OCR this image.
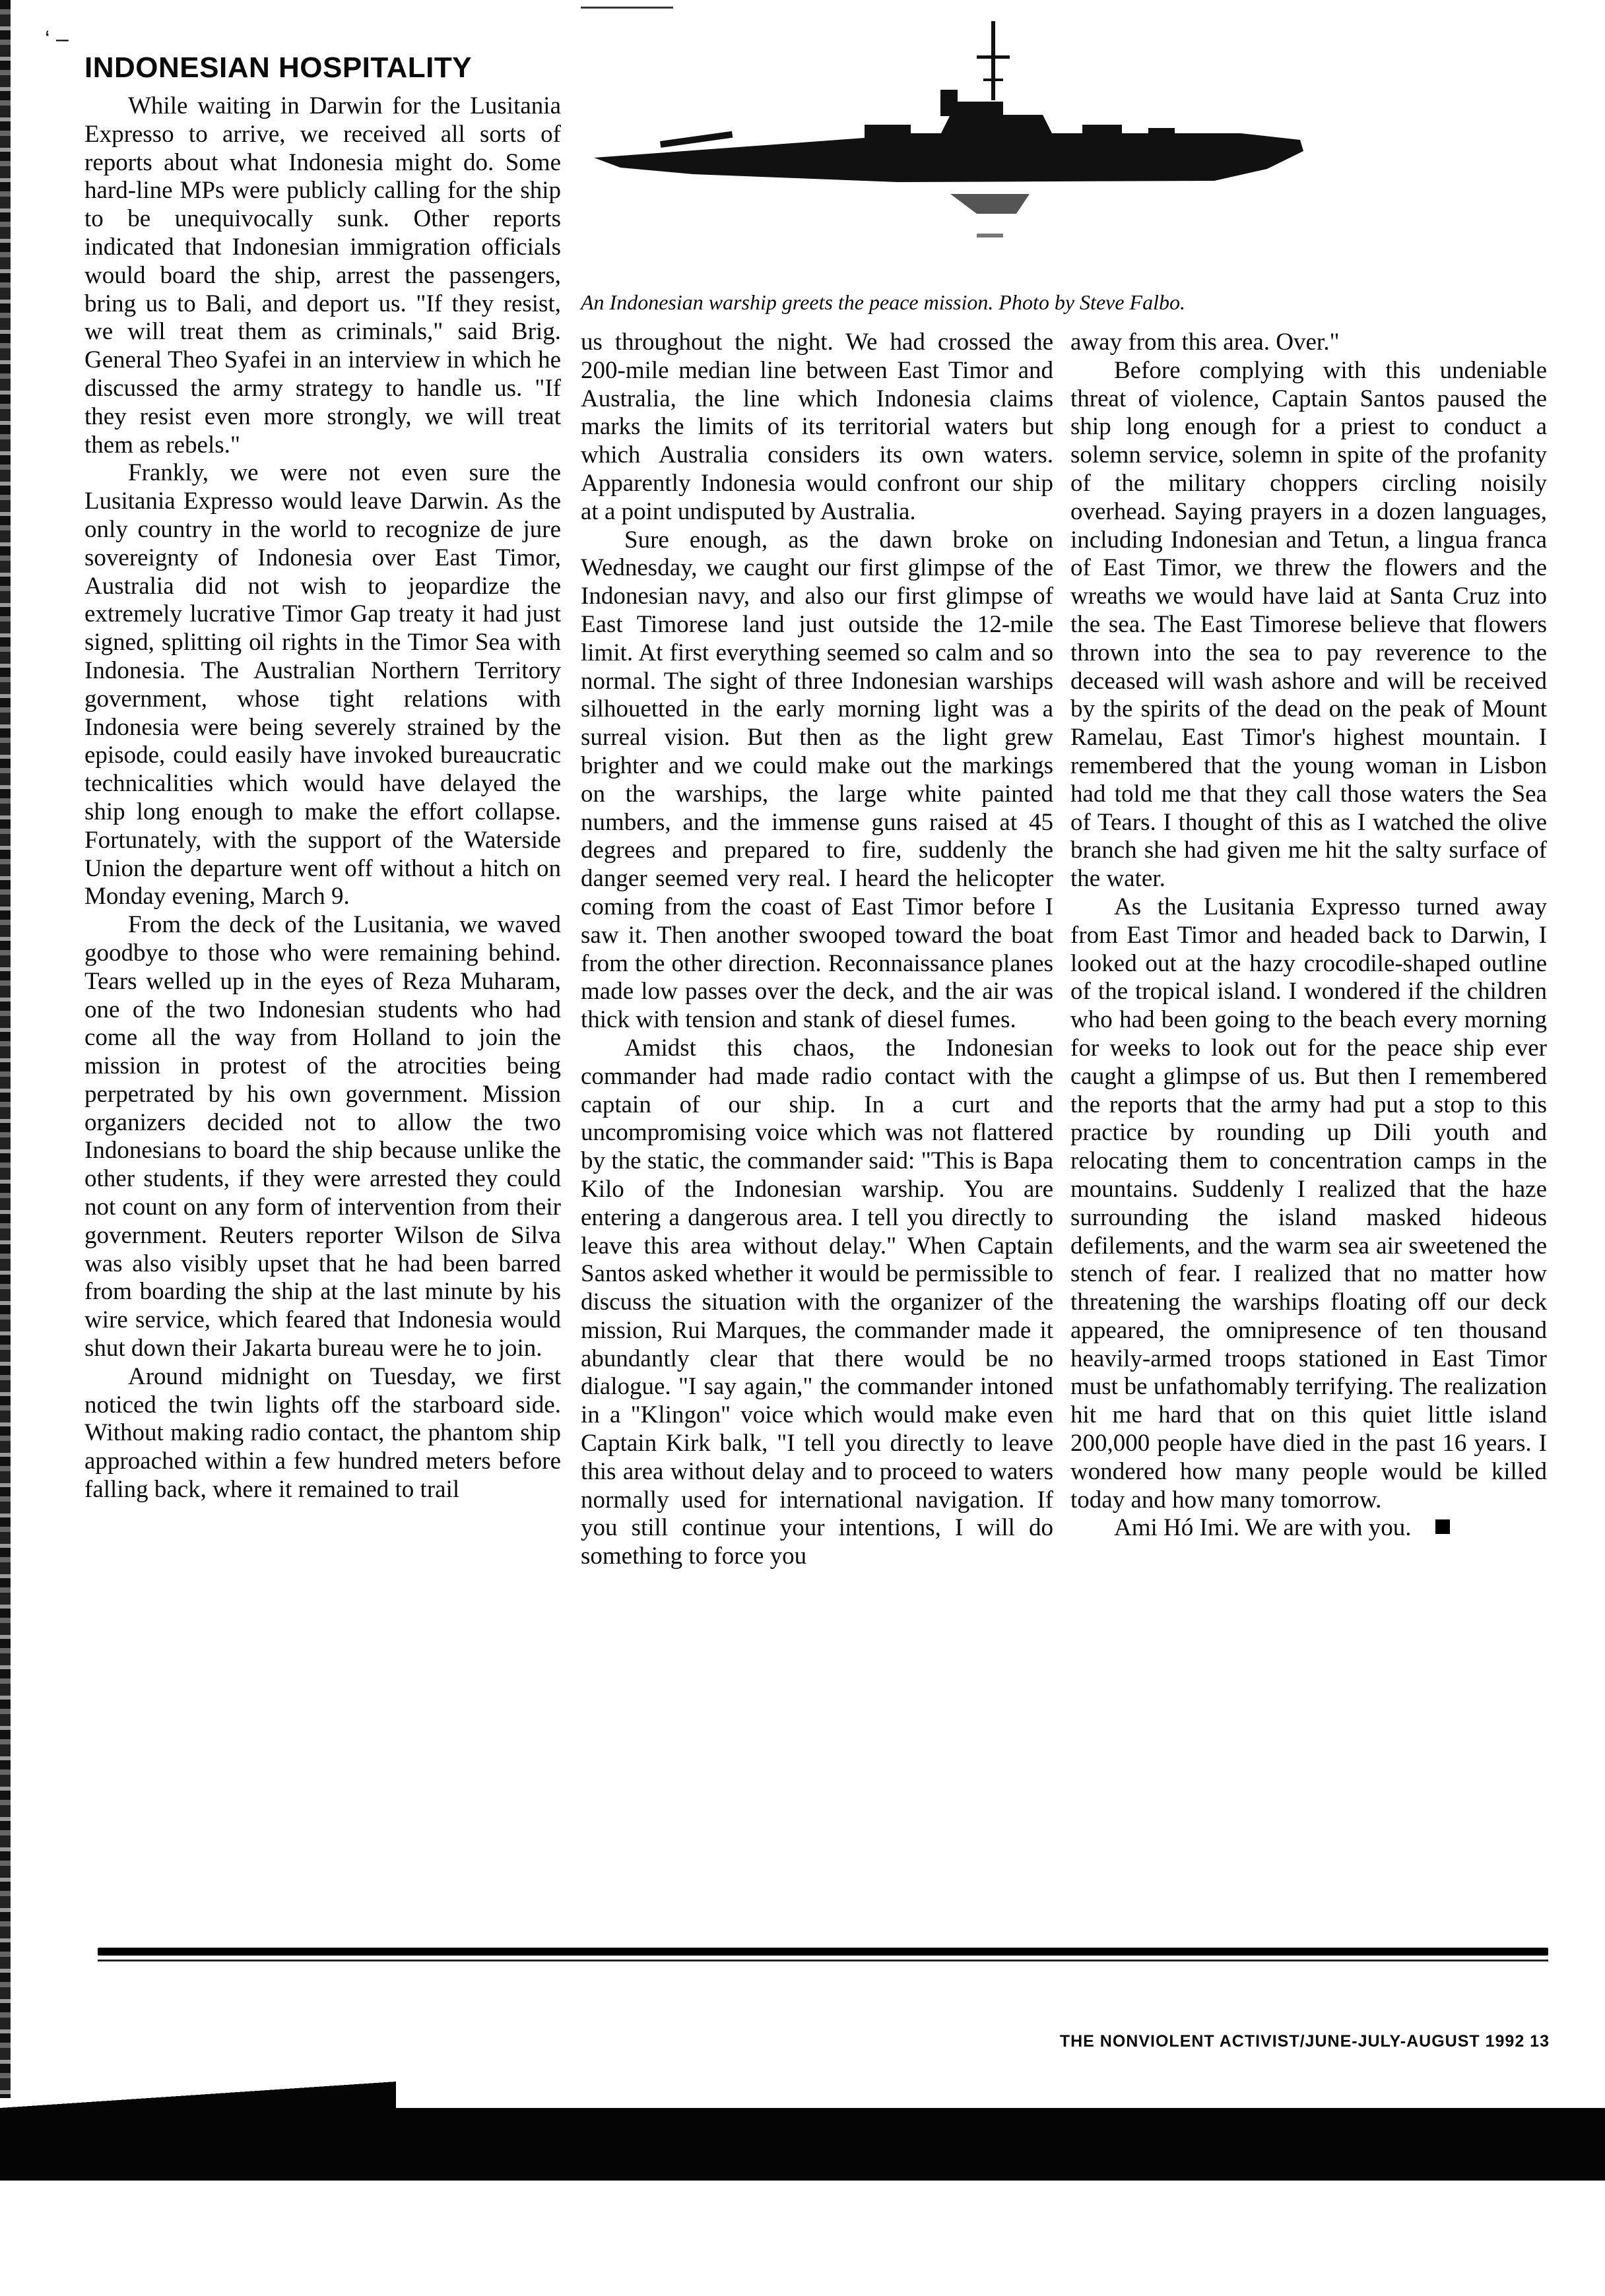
‘ –
INDONESIAN HOSPITALITY

While waiting in Darwin for the Lusitania Expresso to arrive, we received all sorts of reports about what Indonesia might do. Some hard-line MPs were publicly calling for the ship to be unequivocally sunk. Other reports indicated that Indonesian immigration officials would board the ship, arrest the passengers, bring us to Bali, and deport us. "If they resist, we will treat them as criminals," said Brig. General Theo Syafei in an interview in which he discussed the army strategy to handle us. "If they resist even more strongly, we will treat them as rebels."

Frankly, we were not even sure the Lusitania Expresso would leave Darwin. As the only country in the world to recognize de jure sovereignty of Indonesia over East Timor, Australia did not wish to jeopardize the extremely lucrative Timor Gap treaty it had just signed, splitting oil rights in the Timor Sea with Indonesia. The Australian Northern Territory government, whose tight relations with Indonesia were being severely strained by the episode, could easily have invoked bureaucratic technicalities which would have delayed the ship long enough to make the effort collapse. Fortunately, with the support of the Waterside Union the departure went off without a hitch on Monday evening, March 9.

From the deck of the Lusitania, we waved goodbye to those who were remaining behind. Tears welled up in the eyes of Reza Muharam, one of the two Indonesian students who had come all the way from Holland to join the mission in protest of the atrocities being perpetrated by his own government. Mission organizers decided not to allow the two Indonesians to board the ship because unlike the other students, if they were arrested they could not count on any form of intervention from their government. Reuters reporter Wilson de Silva was also visibly upset that he had been barred from boarding the ship at the last minute by his wire service, which feared that Indonesia would shut down their Jakarta bureau were he to join.

Around midnight on Tuesday, we first noticed the twin lights off the starboard side. Without making radio contact, the phantom ship approached within a few hundred meters before falling back, where it remained to trail

An Indonesian warship greets the peace mission. Photo by Steve Falbo.

us throughout the night. We had crossed the 200-mile median line between East Timor and Australia, the line which Indonesia claims marks the limits of its territorial waters but which Australia considers its own waters. Apparently Indonesia would confront our ship at a point undisputed by Australia.

Sure enough, as the dawn broke on Wednesday, we caught our first glimpse of the Indonesian navy, and also our first glimpse of East Timorese land just outside the 12-mile limit. At first everything seemed so calm and so normal. The sight of three Indonesian warships silhouetted in the early morning light was a surreal vision. But then as the light grew brighter and we could make out the markings on the warships, the large white painted numbers, and the immense guns raised at 45 degrees and prepared to fire, suddenly the danger seemed very real. I heard the helicopter coming from the coast of East Timor before I saw it. Then another swooped toward the boat from the other direction. Reconnaissance planes made low passes over the deck, and the air was thick with tension and stank of diesel fumes.

Amidst this chaos, the Indonesian commander had made radio contact with the captain of our ship. In a curt and uncompromising voice which was not flattered by the static, the commander said: "This is Bapa Kilo of the Indonesian warship. You are entering a dangerous area. I tell you directly to leave this area without delay." When Captain Santos asked whether it would be permissible to discuss the situation with the organizer of the mission, Rui Marques, the commander made it abundantly clear that there would be no dialogue. "I say again," the commander intoned in a "Klingon" voice which would make even Captain Kirk balk, "I tell you directly to leave this area without delay and to proceed to waters normally used for international navigation. If you still continue your intentions, I will do something to force you

away from this area. Over."

Before complying with this undeniable threat of violence, Captain Santos paused the ship long enough for a priest to conduct a solemn service, solemn in spite of the profanity of the military choppers circling noisily overhead. Saying prayers in a dozen languages, including Indonesian and Tetun, a lingua franca of East Timor, we threw the flowers and the wreaths we would have laid at Santa Cruz into the sea. The East Timorese believe that flowers thrown into the sea to pay reverence to the deceased will wash ashore and will be received by the spirits of the dead on the peak of Mount Ramelau, East Timor's highest mountain. I remembered that the young woman in Lisbon had told me that they call those waters the Sea of Tears. I thought of this as I watched the olive branch she had given me hit the salty surface of the water.

As the Lusitania Expresso turned away from East Timor and headed back to Darwin, I looked out at the hazy crocodile-shaped outline of the tropical island. I wondered if the children who had been going to the beach every morning for weeks to look out for the peace ship ever caught a glimpse of us. But then I remembered the reports that the army had put a stop to this practice by rounding up Dili youth and relocating them to concentration camps in the mountains. Suddenly I realized that the haze surrounding the island masked hideous defilements, and the warm sea air sweetened the stench of fear. I realized that no matter how threatening the warships floating off our deck appeared, the omnipresence of ten thousand heavily-armed troops stationed in East Timor must be unfathomably terrifying. The realization hit me hard that on this quiet little island 200,000 people have died in the past 16 years. I wondered how many people would be killed today and how many tomorrow.

Ami Hó Imi. We are with you.

THE NONVIOLENT ACTIVIST/JUNE-JULY-AUGUST 1992 13
